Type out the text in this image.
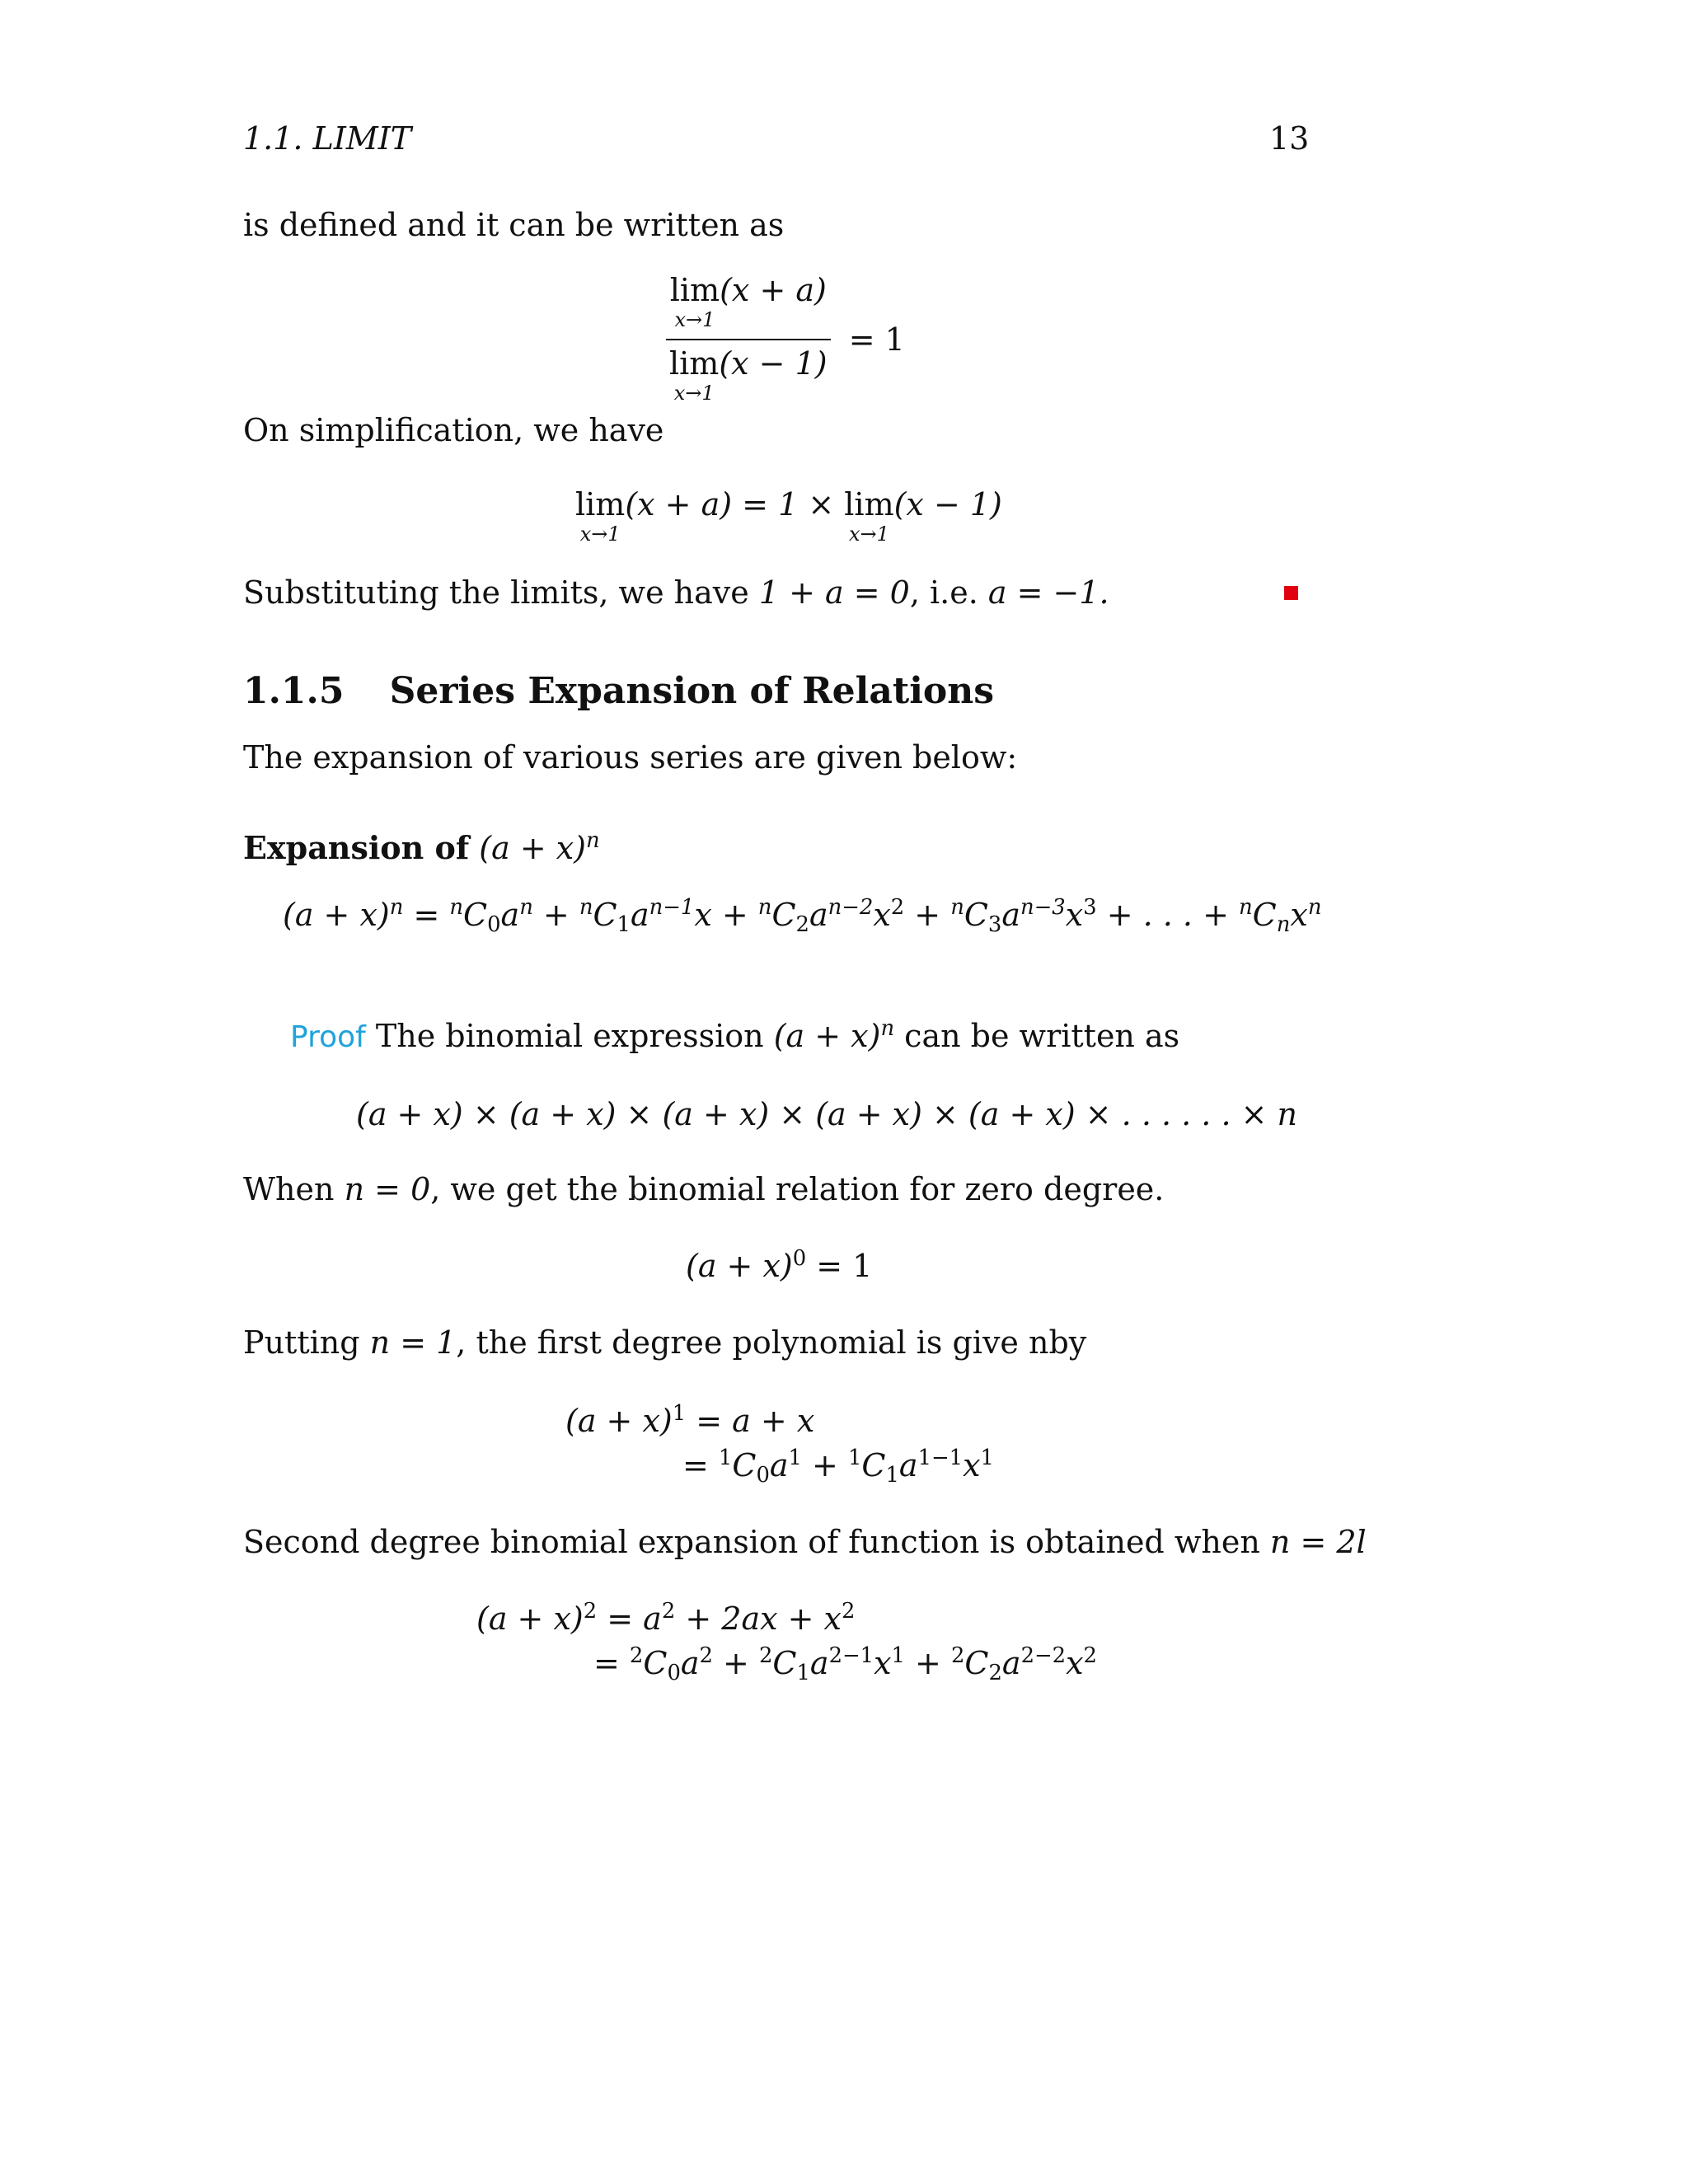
1.1. LIMIT	13
is defined and it can be written as
lim
x→1
(x + a)
lim
x→1
(x − 1) = 1
On simplification, we have
lim
x→1
(x + a) = 1 × lim
x→1
(x − 1)
Substituting the limits, we have 1 + a = 0, i.e. a = −1.
1.1.5 Series Expansion of Relations
The expansion of various series are given below:
Expansion of $(a + x)^n$
$(a + x)^n = ^nC_0a^n + ^nC_1a^{n-1}x + ^nC_2a^{n-2}x^2 + ^nC_3a^{n-3}x^3$ + . . . + $^nC_nx^n$
Proof The binomial expression $(a + x)^n$ can be written as
(a + x) × (a + x) × (a + x) × (a + x) × (a + x) × . . . . . . × n
When n = 0, we get the binomial relation for zero degree.
$(a + x)^0 = 1$
Putting n = 1, the first degree polynomial is give nby
$(a + x)^1 = a + x$
= $^1C_0a^1 + ^1C_1a^{1-1}x^1$
Second degree binomial expansion of function is obtained when n = 2l
$(a + x)^2 = a^2 + 2ax + x^2$
= $^2C_0a^2 + ^2C_1a^{2-1}x^1 + ^2C_2a^{2-2}x^2$
